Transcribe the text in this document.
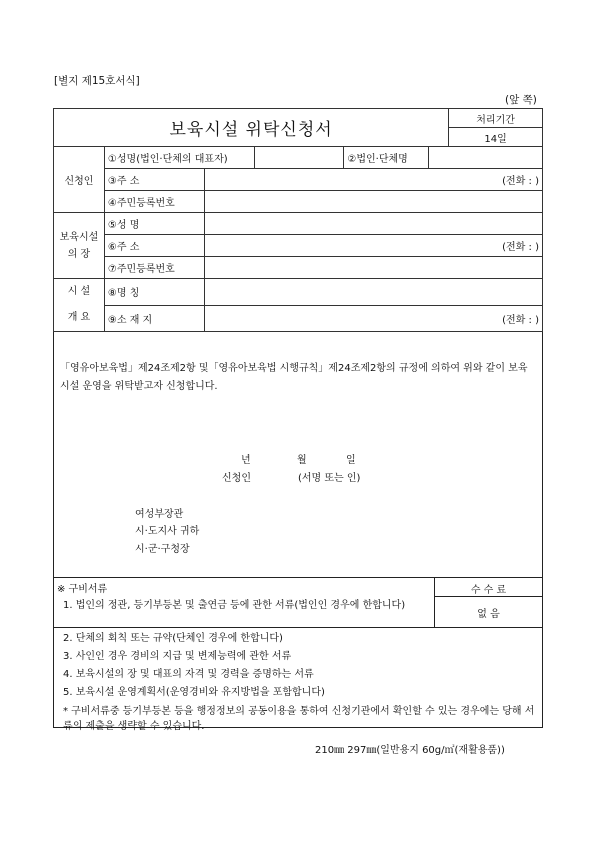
[별지 제15호서식]
(앞 쪽)
보육시설 위탁신청서						처리기간
						14일
신청인	①성명(법인·단체의 대표자)			②법인·단체명		
	③주 소	(전화 : )				
	④주민등록번호					
보육시설
의 장	⑤성 명					
	⑥주 소	(전화 : )				
	⑦주민등록번호					
시 설
개 요	⑧명 칭					
	⑨소 재 지	(전화 : )				
「영유아보육법」제24조제2항 및「영유아보육법 시행규칙」제24조제2항의 규정에 의하여 위와 같이 보육시설 운영을 위탁받고자 신청합니다.
년	월	일
신청인	(서명 또는 인)
여성부장관
시·도지사 귀하
시·군·구청장
※ 구비서류
1. 법인의 정관, 등기부등본 및 출연금 등에 관한 서류(법인인 경우에 한합니다)
수 수 료
없 음
2. 단체의 회칙 또는 규약(단체인 경우에 한합니다)
3. 사인인 경우 경비의 지급 및 변제능력에 관한 서류
4. 보육시설의 장 및 대표의 자격 및 경력을 증명하는 서류
5. 보육시설 운영계획서(운영경비와 유지방법을 포함합니다)
* 구비서류중 등기부등본 등을 행정정보의 공동이용을 통하여 신청기관에서 확인할 수 있는 경우에는 당해 서류의 제출을 생략할 수 있습니다.
210㎜ 297㎜(일반용지 60g/㎡(재활용품))
